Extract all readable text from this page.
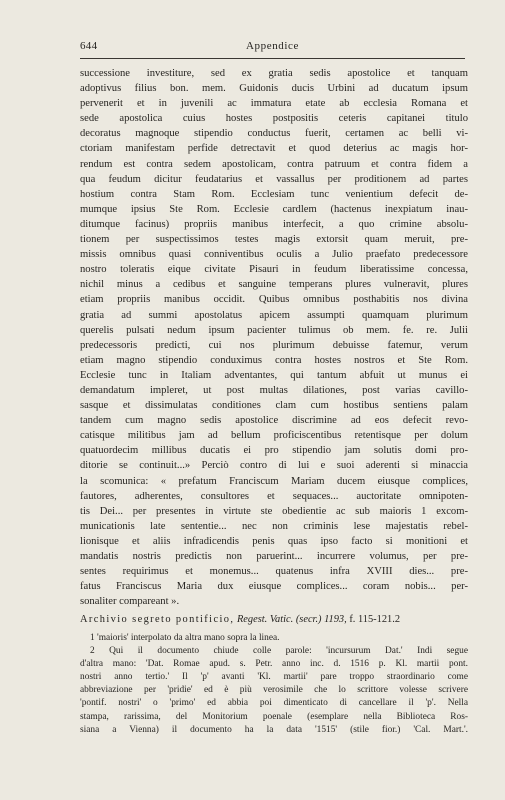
644	Appendice
successione investiture, sed ex gratia sedis apostolice et tanquam
adoptivus filius bon. mem. Guidonis ducis Urbini ad ducatum ipsum
pervenerit et in juvenili ac immatura etate ab ecclesia Romana et
sede apostolica cuius hostes postpositis ceteris capitanei titulo
decoratus magnoque stipendio conductus fuerit, certamen ac belli vi-
ctoriam manifestam perfide detrectavit et quod deterius ac magis hor-
rendum est contra sedem apostolicam, contra patruum et contra fidem a
qua feudum dicitur feudatarius et vassallus per proditionem ad partes
hostium contra Stam Rom. Ecclesiam tunc venientium defecit de-
mumque ipsius Ste Rom. Ecclesie cardlem (hactenus inexpiatum inau-
ditumque facinus) propriis manibus interfecit, a quo crimine absolu-
tionem per suspectissimos testes magis extorsit quam meruit, pre-
missis omnibus quasi conniventibus oculis a Julio praefato predecessore
nostro toleratis eique civitate Pisauri in feudum liberatissime concessa,
nichil minus a cedibus et sanguine temperans plures vulneravit, plures
etiam propriis manibus occidit. Quibus omnibus posthabitis nos divina
gratia ad summi apostolatus apicem assumpti quamquam plurimum
querelis pulsati nedum ipsum pacienter tulimus ob mem. fe. re. Julii
predecessoris predicti, cui nos plurimum debuisse fatemur, verum
etiam magno stipendio conduximus contra hostes nostros et Ste Rom.
Ecclesie tunc in Italiam adventantes, qui tantum abfuit ut munus ei
demandatum impleret, ut post multas dilationes, post varias cavillo-
sasque et dissimulatas conditiones clam cum hostibus sentiens palam
tandem cum magno sedis apostolice discrimine ad eos defecit revo-
catisque militibus jam ad bellum proficiscentibus retentisque per dolum
quatuordecim millibus ducatis ei pro stipendio jam solutis domi pro-
ditorie se continuit...» Perciò contro di lui e suoi aderenti si minaccia
la scomunica: « prefatum Franciscum Mariam ducem eiusque complices,
fautores, adherentes, consultores et sequaces... auctoritate omnipoten-
tis Dei... per presentes in virtute ste obedientie ac sub maioris 1 excom-
municationis late sententie... nec non criminis lese majestatis rebel-
lionisque et aliis infradicendis penis quas ipso facto si monitioni et
mandatis nostris predictis non paruerint... incurrere volumus, per pre-
sentes requirimus et monemus... quatenus infra XVIII dies... pre-
fatus Franciscus Maria dux eiusque complices... coram nobis... per-
sonaliter compareant ».
Archivio segreto pontificio, Regest. Vatic. (secr.) 1193, f. 115-121.2
1 'maioris' interpolato da altra mano sopra la linea.
2 Qui il documento chiude colle parole: 'incursurum Dat.' Indi segue
d'altra mano: 'Dat. Romae apud. s. Petr. anno inc. d. 1516 p. Kl. martii pont.
nostri anno tertio.' Il 'p' avanti 'Kl. martii' pare troppo straordinario come
abbreviazione per 'pridie' ed è più verosimile che lo scrittore volesse scrivere
'pontif. nostri' o 'primo' ed abbia poi dimenticato di cancellare il 'p'. Nella
stampa, rarissima, del Monitorium poenale (esemplare nella Biblioteca Ros-
siana a Vienna) il documento ha la data '1515' (stile fior.) 'Cal. Mart.'.
